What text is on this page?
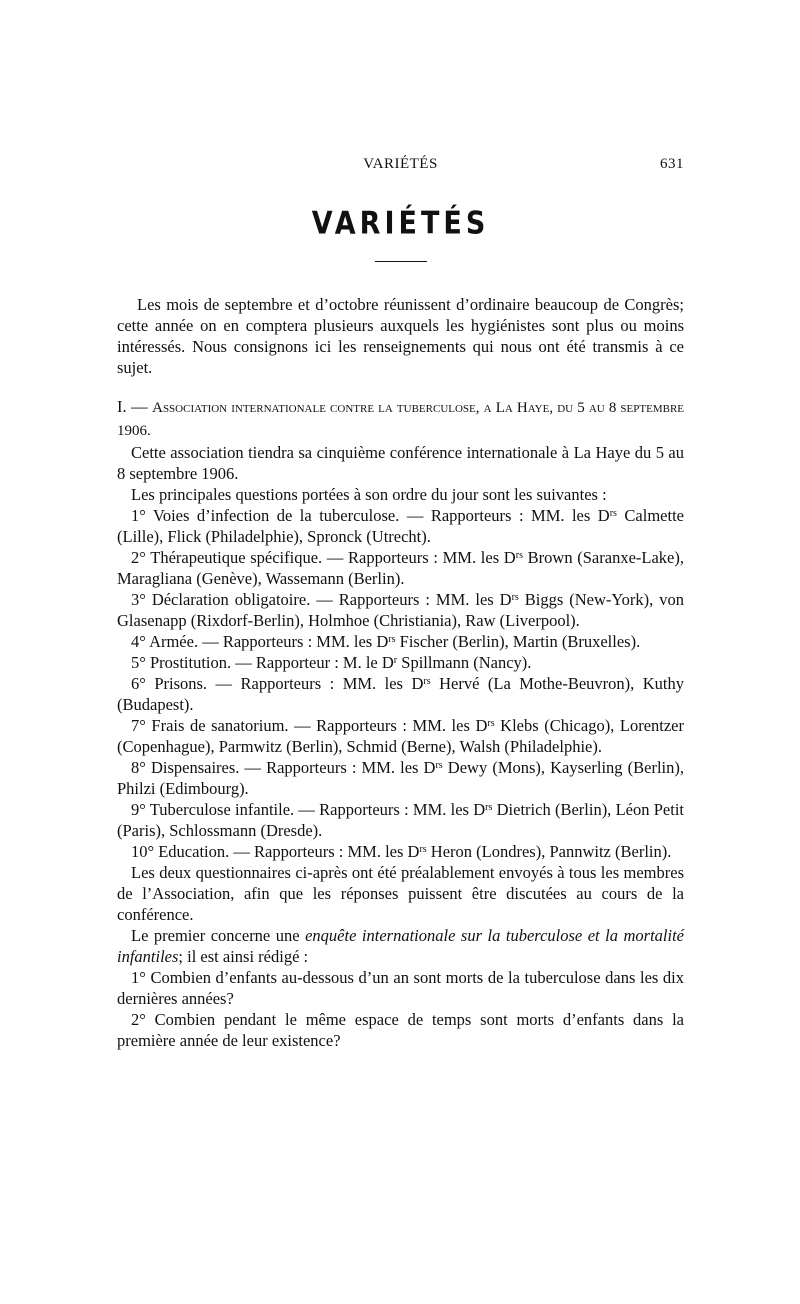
VARIÉTÉS	631
VARIÉTÉS

Les mois de septembre et d’octobre réunissent d’ordinaire beaucoup de Congrès; cette année on en comptera plusieurs auxquels les hygiénistes sont plus ou moins intéressés. Nous consignons ici les renseignements qui nous ont été transmis à ce sujet.

I. — Association internationale contre la tuberculose, a La Haye, du 5 au 8 septembre 1906.

Cette association tiendra sa cinquième conférence internationale à La Haye du 5 au 8 septembre 1906.

Les principales questions portées à son ordre du jour sont les suivantes :

1° Voies d’infection de la tuberculose. — Rapporteurs : MM. les $D^{rs}$ Calmette (Lille), Flick (Philadelphie), Spronck (Utrecht).

2° Thérapeutique spécifique. — Rapporteurs : MM. les $D^{rs}$ Brown (Saranxe-Lake), Maragliana (Genève), Wassemann (Berlin).

3° Déclaration obligatoire. — Rapporteurs : MM. les $D^{rs}$ Biggs (New-York), von Glasenapp (Rixdorf-Berlin), Holmhoe (Christiania), Raw (Liverpool).

4° Armée. — Rapporteurs : MM. les $D^{rs}$ Fischer (Berlin), Martin (Bruxelles).

5° Prostitution. — Rapporteur : M. le $D^r$ Spillmann (Nancy).

6° Prisons. — Rapporteurs : MM. les $D^{rs}$ Hervé (La Mothe-Beuvron), Kuthy (Budapest).

7° Frais de sanatorium. — Rapporteurs : MM. les $D^{rs}$ Klebs (Chicago), Lorentzer (Copenhague), Parmwitz (Berlin), Schmid (Berne), Walsh (Philadelphie).

8° Dispensaires. — Rapporteurs : MM. les $D^{rs}$ Dewy (Mons), Kayserling (Berlin), Philzi (Edimbourg).

9° Tuberculose infantile. — Rapporteurs : MM. les $D^{rs}$ Dietrich (Berlin), Léon Petit (Paris), Schlossmann (Dresde).

10° Education. — Rapporteurs : MM. les $D^{rs}$ Heron (Londres), Pannwitz (Berlin).

Les deux questionnaires ci-après ont été préalablement envoyés à tous les membres de l’Association, afin que les réponses puissent être discutées au cours de la conférence.

Le premier concerne une enquête internationale sur la tuberculose et la mortalité infantiles; il est ainsi rédigé :

1° Combien d’enfants au-dessous d’un an sont morts de la tuberculose dans les dix dernières années?

2° Combien pendant le même espace de temps sont morts d’enfants dans la première année de leur existence?
